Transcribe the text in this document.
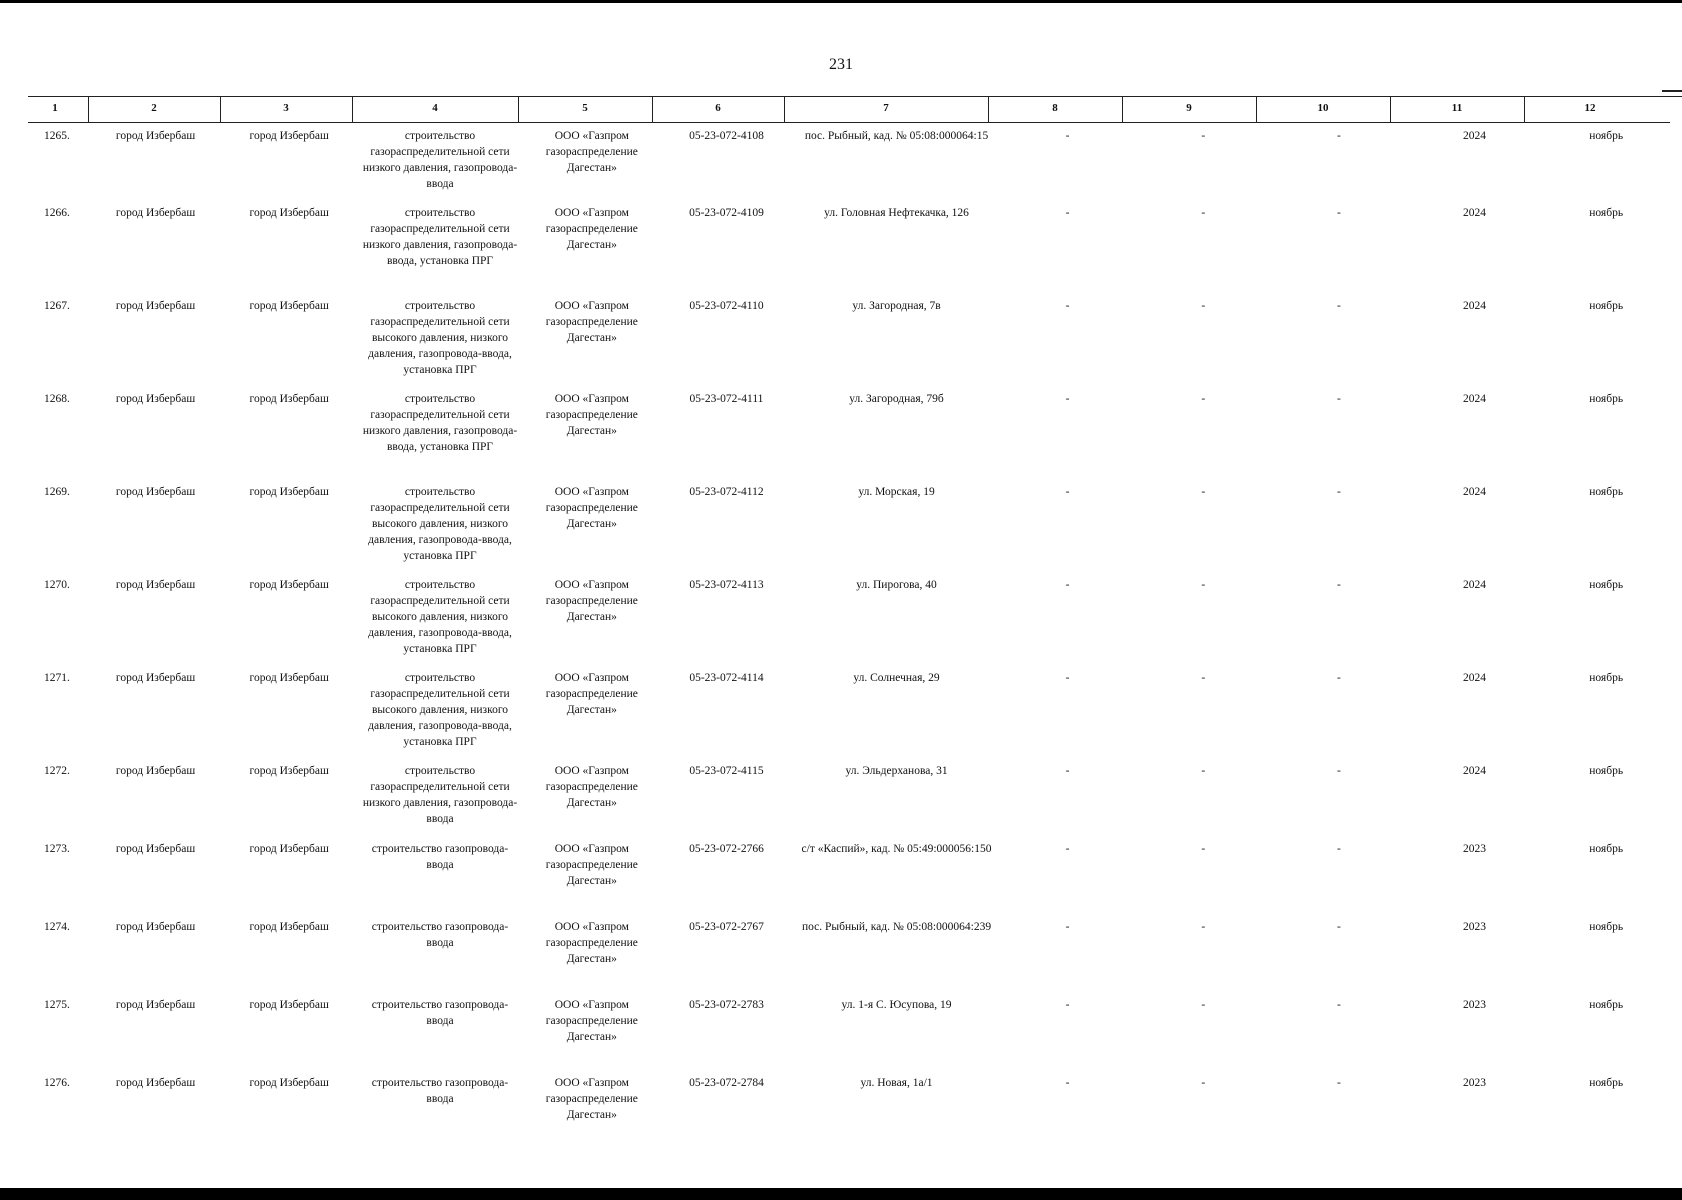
231
1	2	3	4	5	6	7	8	9	10	11	12
1265.	город Избербаш	город Избербаш	строительство газораспределительной сети низкого давления, газопровода-ввода	ООО «Газпром газораспределение Дагестан»	05-23-072-4108	пос. Рыбный, кад. № 05:08:000064:15	-	-	-	2024	ноябрь
1266.	город Избербаш	город Избербаш	строительство газораспределительной сети низкого давления, газопровода-ввода, установка ПРГ	ООО «Газпром газораспределение Дагестан»	05-23-072-4109	ул. Головная Нефтекачка, 126	-	-	-	2024	ноябрь
1267.	город Избербаш	город Избербаш	строительство газораспределительной сети высокого давления, низкого давления, газопровода-ввода, установка ПРГ	ООО «Газпром газораспределение Дагестан»	05-23-072-4110	ул. Загородная, 7в	-	-	-	2024	ноябрь
1268.	город Избербаш	город Избербаш	строительство газораспределительной сети низкого давления, газопровода-ввода, установка ПРГ	ООО «Газпром газораспределение Дагестан»	05-23-072-4111	ул. Загородная, 79б	-	-	-	2024	ноябрь
1269.	город Избербаш	город Избербаш	строительство газораспределительной сети высокого давления, низкого давления, газопровода-ввода, установка ПРГ	ООО «Газпром газораспределение Дагестан»	05-23-072-4112	ул. Морская, 19	-	-	-	2024	ноябрь
1270.	город Избербаш	город Избербаш	строительство газораспределительной сети высокого давления, низкого давления, газопровода-ввода, установка ПРГ	ООО «Газпром газораспределение Дагестан»	05-23-072-4113	ул. Пирогова, 40	-	-	-	2024	ноябрь
1271.	город Избербаш	город Избербаш	строительство газораспределительной сети высокого давления, низкого давления, газопровода-ввода, установка ПРГ	ООО «Газпром газораспределение Дагестан»	05-23-072-4114	ул. Солнечная, 29	-	-	-	2024	ноябрь
1272.	город Избербаш	город Избербаш	строительство газораспределительной сети низкого давления, газопровода-ввода	ООО «Газпром газораспределение Дагестан»	05-23-072-4115	ул. Эльдерханова, 31	-	-	-	2024	ноябрь
1273.	город Избербаш	город Избербаш	строительство газопровода-ввода	ООО «Газпром газораспределение Дагестан»	05-23-072-2766	с/т «Каспий», кад. № 05:49:000056:150	-	-	-	2023	ноябрь
1274.	город Избербаш	город Избербаш	строительство газопровода-ввода	ООО «Газпром газораспределение Дагестан»	05-23-072-2767	пос. Рыбный, кад. № 05:08:000064:239	-	-	-	2023	ноябрь
1275.	город Избербаш	город Избербаш	строительство газопровода-ввода	ООО «Газпром газораспределение Дагестан»	05-23-072-2783	ул. 1-я С. Юсупова, 19	-	-	-	2023	ноябрь
1276.	город Избербаш	город Избербаш	строительство газопровода-ввода	ООО «Газпром газораспределение Дагестан»	05-23-072-2784	ул. Новая, 1а/1	-	-	-	2023	ноябрь
